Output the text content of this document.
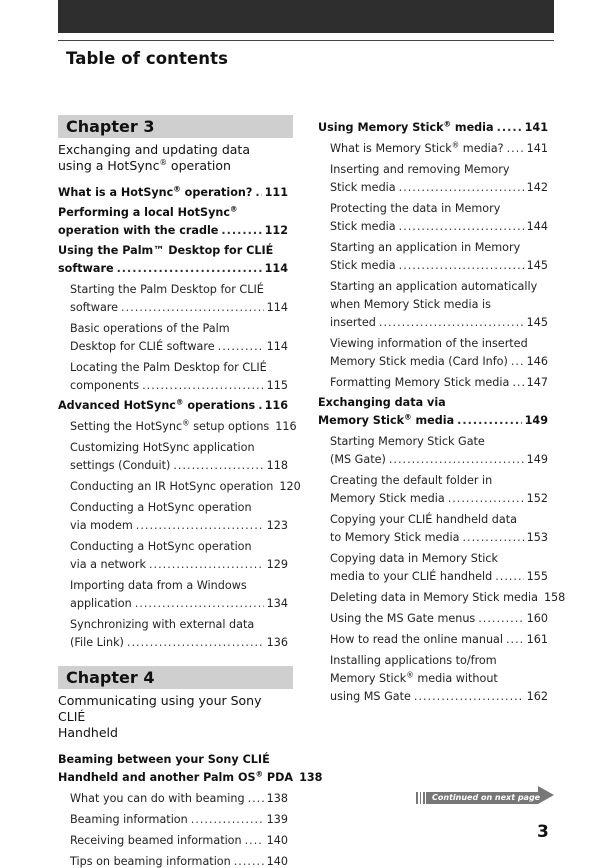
Table of contents
Chapter 3
Exchanging and updating data
using a HotSync® operation
What is a HotSync® operation? ..... 111
Performing a local HotSync®
operation with the cradle .....	112
Using the Palm™ Desktop for CLIÉ
software .....	114
Starting the Palm Desktop for CLIÉ
software .....	114
Basic operations of the Palm
Desktop for CLIÉ software .....	114
Locating the Palm Desktop for CLIÉ
components .....	115
Advanced HotSync® operations ..... 116
Setting the HotSync® setup options 116
Customizing HotSync application
settings (Conduit) .....	118
Conducting an IR HotSync operation 120
Conducting a HotSync operation
via modem .....	123
Conducting a HotSync operation
via a network .....	129
Importing data from a Windows
application .....	134
Synchronizing with external data
(File Link) .....	136
Chapter 4
Communicating using your Sony CLIÉ
Handheld
Beaming between your Sony CLIÉ
Handheld and another Palm OS® PDA 138
What you can do with beaming ..... 138
Beaming information .....	139
Receiving beamed information ..... 140
Tips on beaming information .....	140
Using Memory Stick® media .....	141
What is Memory Stick® media? ..... 141
Inserting and removing Memory
Stick media .....	142
Protecting the data in Memory
Stick media .....	144
Starting an application in Memory
Stick media .....	145
Starting an application automatically
when Memory Stick media is
inserted .....	145
Viewing information of the inserted
Memory Stick media (Card Info) ..... 146
Formatting Memory Stick media ..... 147
Exchanging data via
Memory Stick® media .....	149
Starting Memory Stick Gate
(MS Gate) .....	149
Creating the default folder in
Memory Stick media .....	152
Copying your CLIÉ handheld data
to Memory Stick media .....	153
Copying data in Memory Stick
media to your CLIÉ handheld .....	155
Deleting data in Memory Stick media 158
Using the MS Gate menus .....	160
How to read the online manual ..... 161
Installing applications to/from
Memory Stick® media without
using MS Gate .....	162
Continued on next page
3
